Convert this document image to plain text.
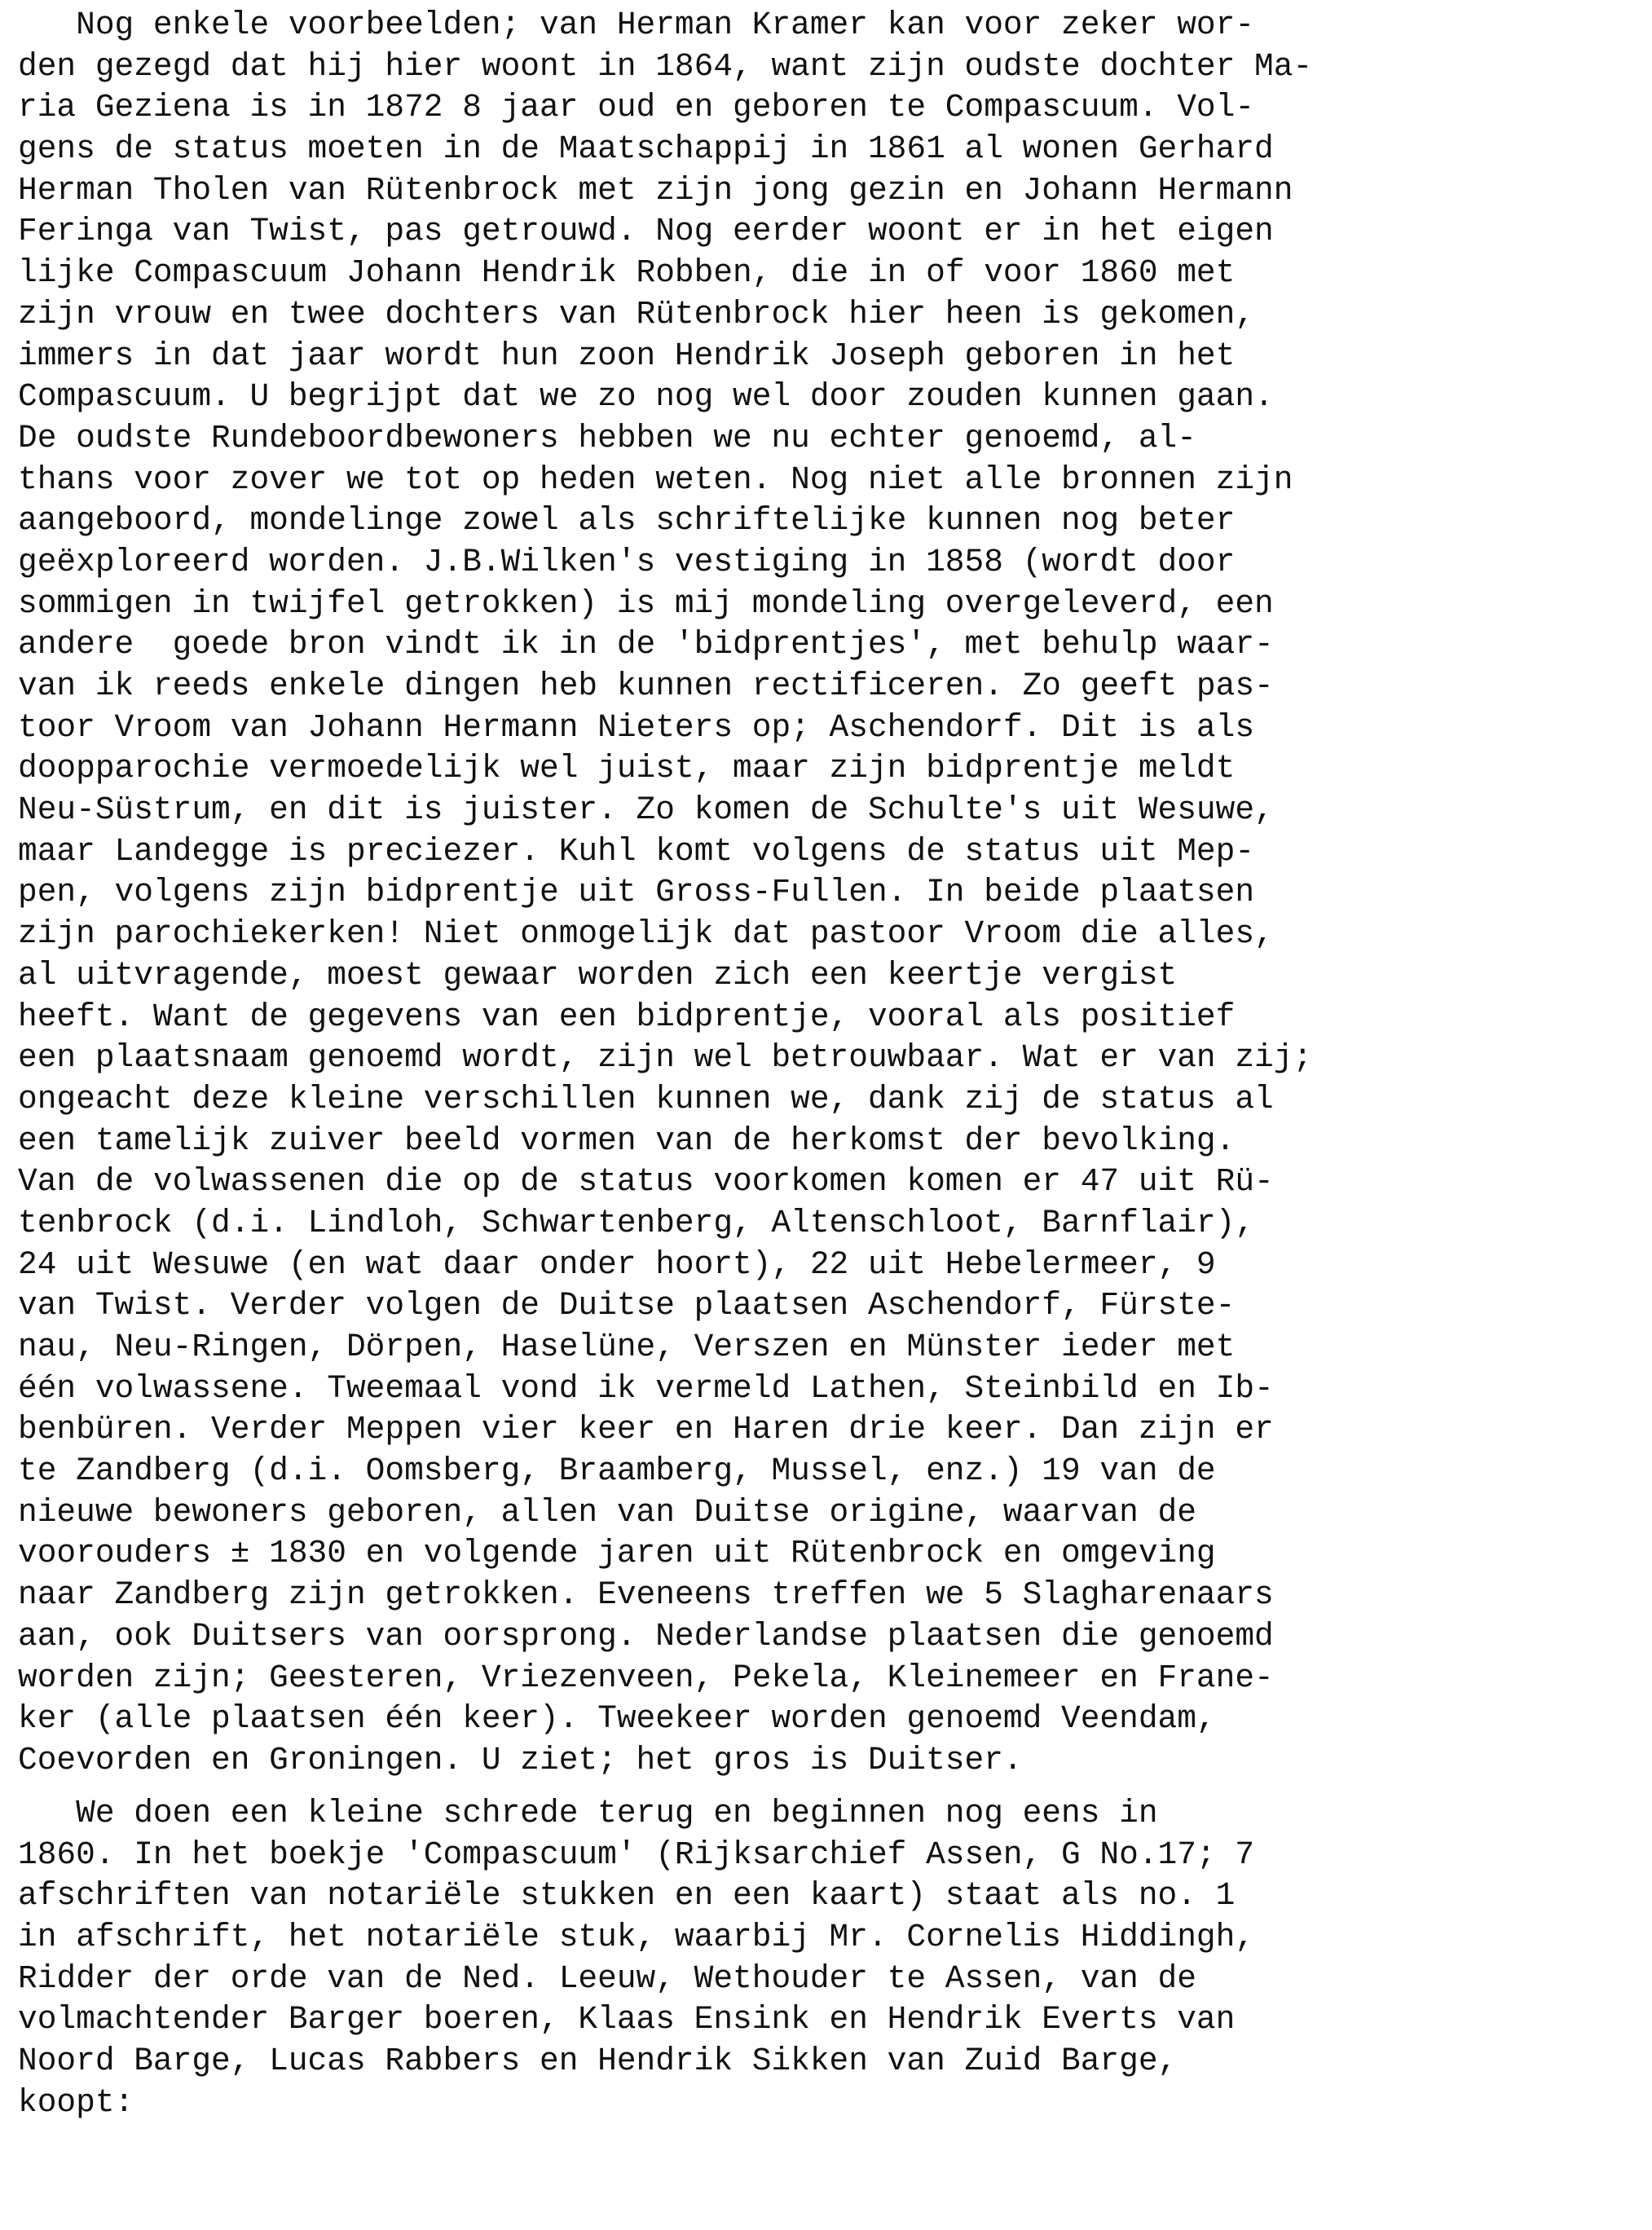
Nog enkele voorbeelden; van Herman Kramer kan voor zeker wor-
den gezegd dat hij hier woont in 1864, want zijn oudste dochter Ma-
ria Geziena is in 1872 8 jaar oud en geboren te Compascuum. Vol-
gens de status moeten in de Maatschappij in 1861 al wonen Gerhard
Herman Tholen van Rütenbrock met zijn jong gezin en Johann Hermann
Feringa van Twist, pas getrouwd. Nog eerder woont er in het eigen
lijke Compascuum Johann Hendrik Robben, die in of voor 1860 met
zijn vrouw en twee dochters van Rütenbrock hier heen is gekomen,
immers in dat jaar wordt hun zoon Hendrik Joseph geboren in het
Compascuum. U begrijpt dat we zo nog wel door zouden kunnen gaan.
De oudste Rundeboordbewoners hebben we nu echter genoemd, al-
thans voor zover we tot op heden weten. Nog niet alle bronnen zijn
aangeboord, mondelinge zowel als schriftelijke kunnen nog beter
geëxploreerd worden. J.B.Wilken's vestiging in 1858 (wordt door
sommigen in twijfel getrokken) is mij mondeling overgeleverd, een
andere  goede bron vindt ik in de 'bidprentjes', met behulp waar-
van ik reeds enkele dingen heb kunnen rectificeren. Zo geeft pas-
toor Vroom van Johann Hermann Nieters op; Aschendorf. Dit is als
doopparochie vermoedelijk wel juist, maar zijn bidprentje meldt
Neu-Süstrum, en dit is juister. Zo komen de Schulte's uit Wesuwe,
maar Landegge is preciezer. Kuhl komt volgens de status uit Mep-
pen, volgens zijn bidprentje uit Gross-Fullen. In beide plaatsen
zijn parochiekerken! Niet onmogelijk dat pastoor Vroom die alles,
al uitvragende, moest gewaar worden zich een keertje vergist
heeft. Want de gegevens van een bidprentje, vooral als positief
een plaatsnaam genoemd wordt, zijn wel betrouwbaar. Wat er van zij;
ongeacht deze kleine verschillen kunnen we, dank zij de status al
een tamelijk zuiver beeld vormen van de herkomst der bevolking.
Van de volwassenen die op de status voorkomen komen er 47 uit Rü-
tenbrock (d.i. Lindloh, Schwartenberg, Altenschloot, Barnflair),
24 uit Wesuwe (en wat daar onder hoort), 22 uit Hebelermeer, 9
van Twist. Verder volgen de Duitse plaatsen Aschendorf, Fürste-
nau, Neu-Ringen, Dörpen, Haselüne, Verszen en Münster ieder met
één volwassene. Tweemaal vond ik vermeld Lathen, Steinbild en Ib-
benbüren. Verder Meppen vier keer en Haren drie keer. Dan zijn er
te Zandberg (d.i. Oomsberg, Braamberg, Mussel, enz.) 19 van de
nieuwe bewoners geboren, allen van Duitse origine, waarvan de
voorouders ± 1830 en volgende jaren uit Rütenbrock en omgeving
naar Zandberg zijn getrokken. Eveneens treffen we 5 Slagharenaars
aan, ook Duitsers van oorsprong. Nederlandse plaatsen die genoemd
worden zijn; Geesteren, Vriezenveen, Pekela, Kleinemeer en Frane-
ker (alle plaatsen één keer). Tweekeer worden genoemd Veendam,
Coevorden en Groningen. U ziet; het gros is Duitser.
We doen een kleine schrede terug en beginnen nog eens in
1860. In het boekje 'Compascuum' (Rijksarchief Assen, G No.17; 7
afschriften van notariële stukken en een kaart) staat als no. 1
in afschrift, het notariële stuk, waarbij Mr. Cornelis Hiddingh,
Ridder der orde van de Ned. Leeuw, Wethouder te Assen, van de
volmachtender Barger boeren, Klaas Ensink en Hendrik Everts van
Noord Barge, Lucas Rabbers en Hendrik Sikken van Zuid Barge,
koopt:
